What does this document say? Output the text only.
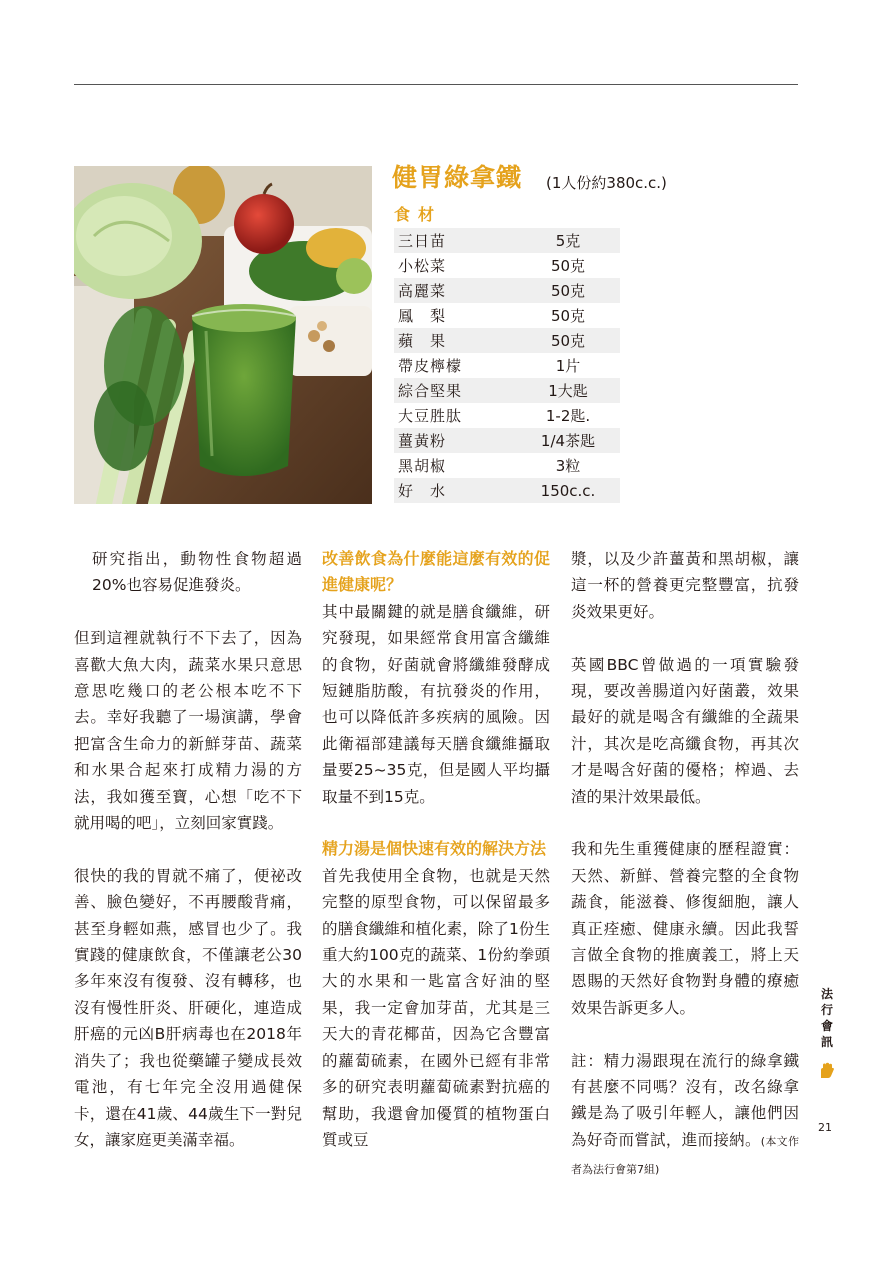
健胃綠拿鐵 (1人份約380c.c.)
食材
三日苗	5克
小松菜	50克
高麗菜	50克
鳳　梨	50克
蘋　果	50克
帶皮檸檬	1片
綜合堅果	1大匙
大豆胜肽	1-2匙.
薑黃粉	1/4茶匙
黑胡椒	3粒
好　水	150c.c.

研究指出，動物性食物超過20%也容易促進發炎。

但到這裡就執行不下去了，因為喜歡大魚大肉，蔬菜水果只意思意思吃幾口的老公根本吃不下去。幸好我聽了一場演講，學會把富含生命力的新鮮芽苗、蔬菜和水果合起來打成精力湯的方法，我如獲至寶，心想「吃不下就用喝的吧」，立刻回家實踐。

很快的我的胃就不痛了，便祕改善、臉色變好，不再腰酸背痛，甚至身輕如燕，感冒也少了。我實踐的健康飲食，不僅讓老公30多年來沒有復發、沒有轉移，也沒有慢性肝炎、肝硬化，連造成肝癌的元凶B肝病毒也在2018年消失了；我也從藥罐子變成長效電池，有七年完全沒用過健保卡，還在41歲、44歲生下一對兒女，讓家庭更美滿幸福。

改善飲食為什麼能這麼有效的促進健康呢？

其中最關鍵的就是膳食纖維，研究發現，如果經常食用富含纖維的食物，好菌就會將纖維發酵成短鏈脂肪酸，有抗發炎的作用，也可以降低許多疾病的風險。因此衛福部建議每天膳食纖維攝取量要25~35克，但是國人平均攝取量不到15克。

精力湯是個快速有效的解決方法

首先我使用全食物，也就是天然完整的原型食物，可以保留最多的膳食纖維和植化素，除了1份生重大約100克的蔬菜、1份約拳頭大的水果和一匙富含好油的堅果，我一定會加芽苗，尤其是三天大的青花椰苗，因為它含豐富的蘿蔔硫素，在國外已經有非常多的研究表明蘿蔔硫素對抗癌的幫助，我還會加優質的植物蛋白質或豆

漿，以及少許薑黃和黑胡椒，讓這一杯的營養更完整豐富，抗發炎效果更好。

英國BBC曾做過的一項實驗發現，要改善腸道內好菌叢，效果最好的就是喝含有纖維的全蔬果汁，其次是吃高纖食物，再其次才是喝含好菌的優格；榨過、去渣的果汁效果最低。

我和先生重獲健康的歷程證實：天然、新鮮、營養完整的全食物蔬食，能滋養、修復細胞，讓人真正痊癒、健康永續。因此我誓言做全食物的推廣義工，將上天恩賜的天然好食物對身體的療癒效果告訴更多人。

註：精力湯跟現在流行的綠拿鐵有甚麼不同嗎？沒有，改名綠拿鐵是為了吸引年輕人，讓他們因為好奇而嘗試，進而接納。(本文作者為法行會第7組)

法行會訊
21
